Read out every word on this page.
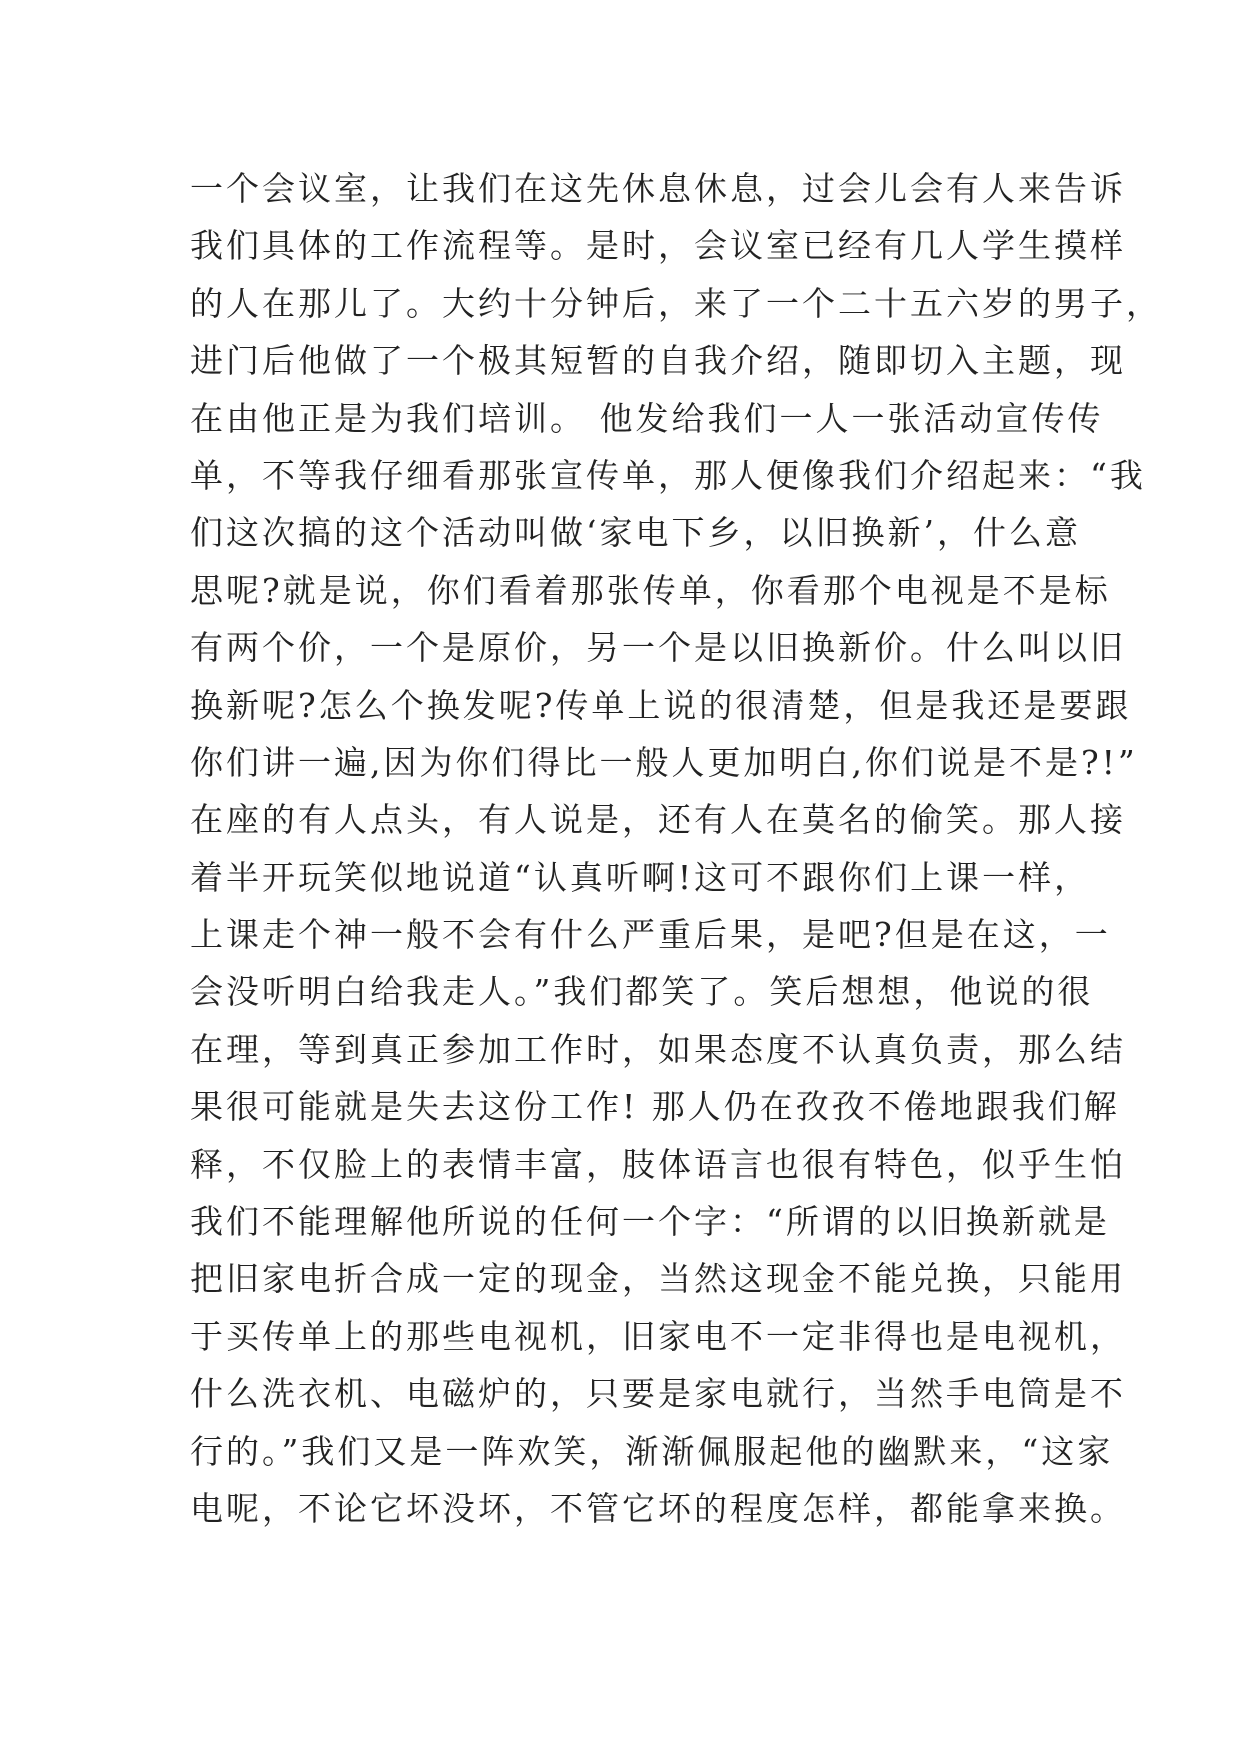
一个会议室，让我们在这先休息休息，过会儿会有人来告诉
我们具体的工作流程等。是时，会议室已经有几人学生摸样
的人在那儿了。大约十分钟后，来了一个二十五六岁的男子，
进门后他做了一个极其短暂的自我介绍，随即切入主题，现
在由他正是为我们培训。 他发给我们一人一张活动宣传传
单，不等我仔细看那张宣传单，那人便像我们介绍起来：“我
们这次搞的这个活动叫做‘家电下乡，以旧换新’，什么意
思呢?就是说，你们看着那张传单，你看那个电视是不是标
有两个价，一个是原价，另一个是以旧换新价。什么叫以旧
换新呢?怎么个换发呢?传单上说的很清楚，但是我还是要跟
你们讲一遍,因为你们得比一般人更加明白,你们说是不是?!”
在座的有人点头，有人说是，还有人在莫名的偷笑。那人接
着半开玩笑似地说道“认真听啊!这可不跟你们上课一样，
上课走个神一般不会有什么严重后果，是吧?但是在这，一
会没听明白给我走人。”我们都笑了。笑后想想，他说的很
在理，等到真正参加工作时，如果态度不认真负责，那么结
果很可能就是失去这份工作! 那人仍在孜孜不倦地跟我们解
释，不仅脸上的表情丰富，肢体语言也很有特色，似乎生怕
我们不能理解他所说的任何一个字：“所谓的以旧换新就是
把旧家电折合成一定的现金，当然这现金不能兑换，只能用
于买传单上的那些电视机，旧家电不一定非得也是电视机，
什么洗衣机、电磁炉的，只要是家电就行，当然手电筒是不
行的。”我们又是一阵欢笑，渐渐佩服起他的幽默来，“这家
电呢，不论它坏没坏，不管它坏的程度怎样，都能拿来换。
